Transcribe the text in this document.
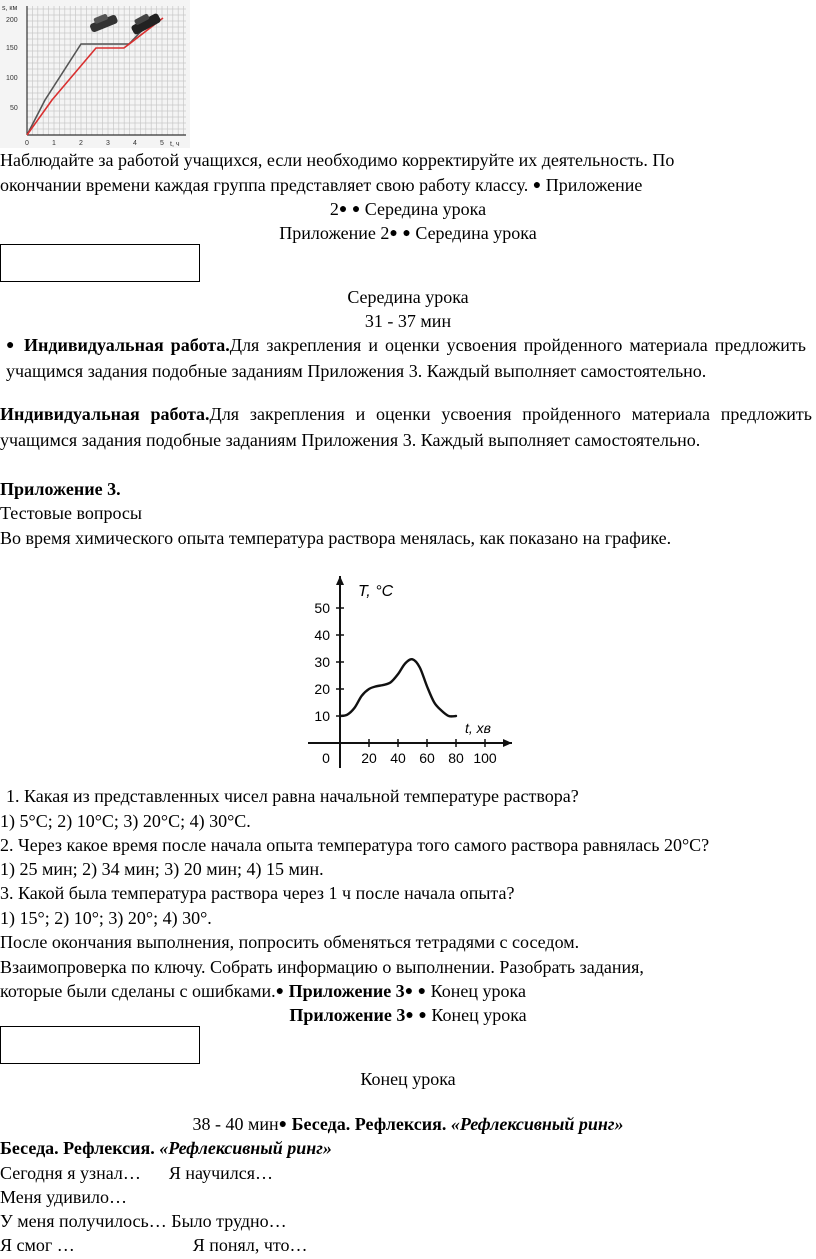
s, км
t, ч
50
100
150
200
0	1	2	3	4	5
Наблюдайте за работой учащихся, если необходимо корректируйте их деятельность. По
окончании времени каждая группа представляет свою работу классу. ● Приложение
2● ● Середина урока
Приложение 2● ● Середина урока
Середина урока
31 - 37 мин
● Индивидуальная работа.Для закрепления и оценки усвоения пройденного материала предложить учащимся задания подобные заданиям Приложения 3. Каждый выполняет самостоятельно.
Индивидуальная работа.Для закрепления и оценки усвоения пройденного материала предложить учащимся задания подобные заданиям Приложения 3. Каждый выполняет самостоятельно.
Приложение 3.
Тестовые вопросы
Во время химического опыта температура раствора менялась, как показано на графике.
10
20
30
40
50
0 20 40 60 80 100
T, °C
t, хв
1. Какая из представленных чисел равна начальной температуре раствора?
1) 5°C; 2) 10°C; 3) 20°C; 4) 30°C.
2. Через какое время после начала опыта температура того самого раствора равнялась 20°C?
1) 25 мин; 2) 34 мин; 3) 20 мин; 4) 15 мин.
3. Какой была температура раствора через 1 ч после начала опыта?
1) 15°; 2) 10°; 3) 20°; 4) 30°.
После окончания выполнения, попросить обменяться тетрадями с соседом.
Взаимопроверка по ключу. Собрать информацию о выполнении. Разобрать задания,
которые были сделаны с ошибками.● Приложение 3● ● Конец урока
Приложение 3● ● Конец урока
Конец урока
38 - 40 мин● Беседа. Рефлексия. «Рефлексивный ринг»
Беседа. Рефлексия. «Рефлексивный ринг»
Сегодня я узнал… Я научился…
Меня удивило…
У меня получилось… Было трудно…
Я смог …	Я понял, что…
